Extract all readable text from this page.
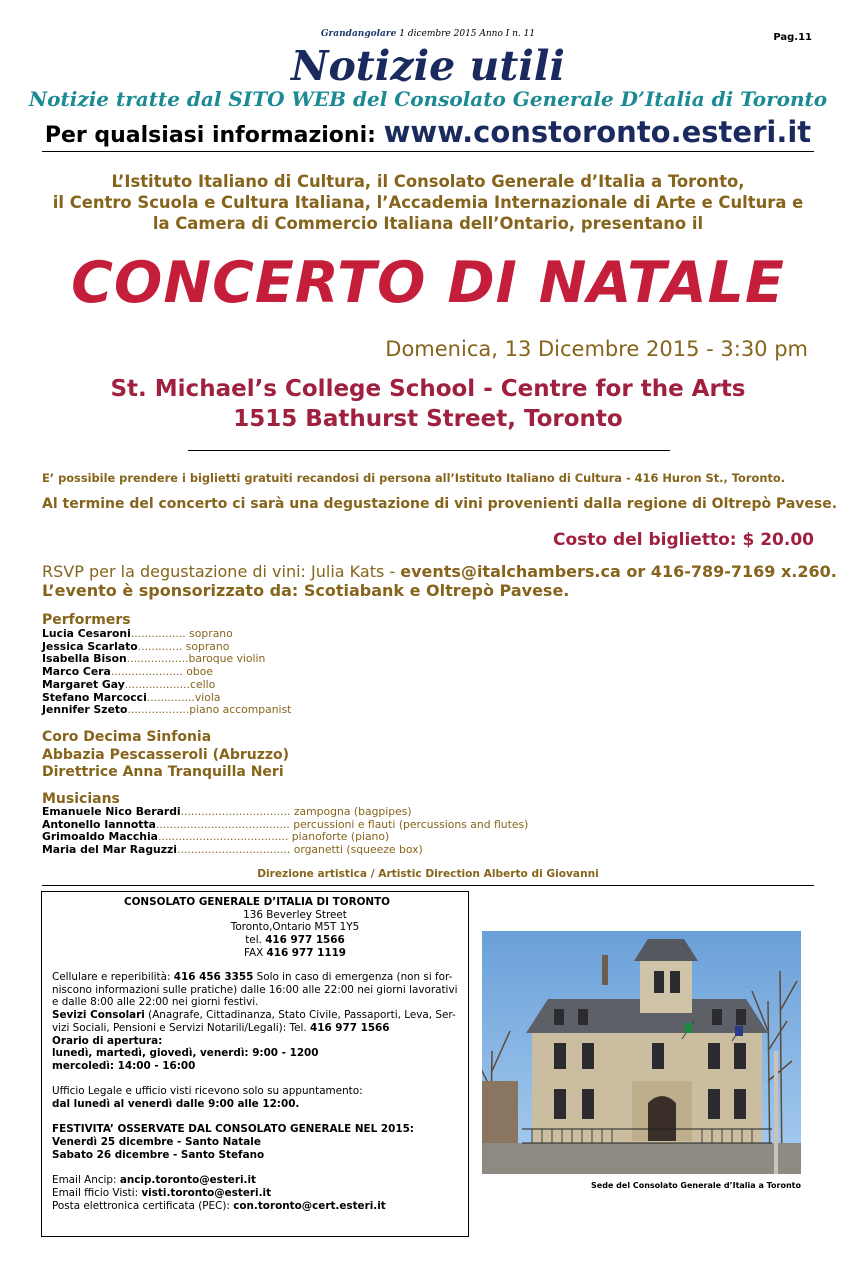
Grandangolare 1 dicembre 2015 Anno I n. 11	Pag.11
Notizie utili
Notizie tratte dal SITO WEB del Consolato Generale D’Italia di Toronto
Per qualsiasi informazioni: www.constoronto.esteri.it
L’Istituto Italiano di Cultura, il Consolato Generale d’Italia a Toronto,
il Centro Scuola e Cultura Italiana, l’Accademia Internazionale di Arte e Cultura e
la Camera di Commercio Italiana dell’Ontario, presentano il
CONCERTO DI NATALE
Domenica, 13 Dicembre 2015 - 3:30 pm
St. Michael’s College School - Centre for the Arts
1515 Bathurst Street, Toronto
E’ possibile prendere i biglietti gratuiti recandosi di persona all’Istituto Italiano di Cultura - 416 Huron St., Toronto.
Al termine del concerto ci sarà una degustazione di vini provenienti dalla regione di Oltrepò Pavese.
Costo del biglietto: $ 20.00
RSVP per la degustazione di vini: Julia Kats - events@italchambers.ca or 416-789-7169 x.260.
L’evento è sponsorizzato da: Scotiabank e Oltrepò Pavese.
Performers
Lucia Cesaroni................ soprano
Jessica Scarlato............. soprano
Isabella Bison..................baroque violin
Marco Cera..................... oboe
Margaret Gay...................cello
Stefano Marcocci..............viola
Jennifer Szeto..................piano accompanist
Coro Decima Sinfonia
Abbazia Pescasseroli (Abruzzo)
Direttrice Anna Tranquilla Neri
Musicians
Emanuele Nico Berardi................................ zampogna (bagpipes)
Antonello Iannotta....................................... percussioni e flauti (percussions and flutes)
Grimoaldo Macchia...................................... pianoforte (piano)
Maria del Mar Raguzzi................................. organetti (squeeze box)
Direzione artistica / Artistic Direction Alberto di Giovanni
CONSOLATO GENERALE D’ITALIA DI TORONTO
136 Beverley Street
Toronto,Ontario M5T 1Y5
tel. 416 977 1566
FAX 416 977 1119
Cellulare e reperibilità: 416 456 3355 Solo in caso di emergenza (non si for-
niscono informazioni sulle pratiche) dalle 16:00 alle 22:00 nei giorni lavorativi
e dalle 8:00 alle 22:00 nei giorni festivi.
Sevizi Consolari (Anagrafe, Cittadinanza, Stato Civile, Passaporti, Leva, Ser-
vizi Sociali, Pensioni e Servizi Notarili/Legali): Tel. 416 977 1566
Orario di apertura:
lunedì, martedì, giovedì, venerdì: 9:00 - 1200
mercoledì: 14:00 - 16:00
Ufficio Legale e ufficio visti ricevono solo su appuntamento:
dal lunedì al venerdì dalle 9:00 alle 12:00.
FESTIVITA’ OSSERVATE DAL CONSOLATO GENERALE NEL 2015:
Venerdì 25 dicembre - Santo Natale
Sabato 26 dicembre - Santo Stefano
Email Ancip: ancip.toronto@esteri.it
Email fficio Visti: visti.toronto@esteri.it
Posta elettronica certificata (PEC): con.toronto@cert.esteri.it
Sede del Consolato Generale d’Italia a Toronto
